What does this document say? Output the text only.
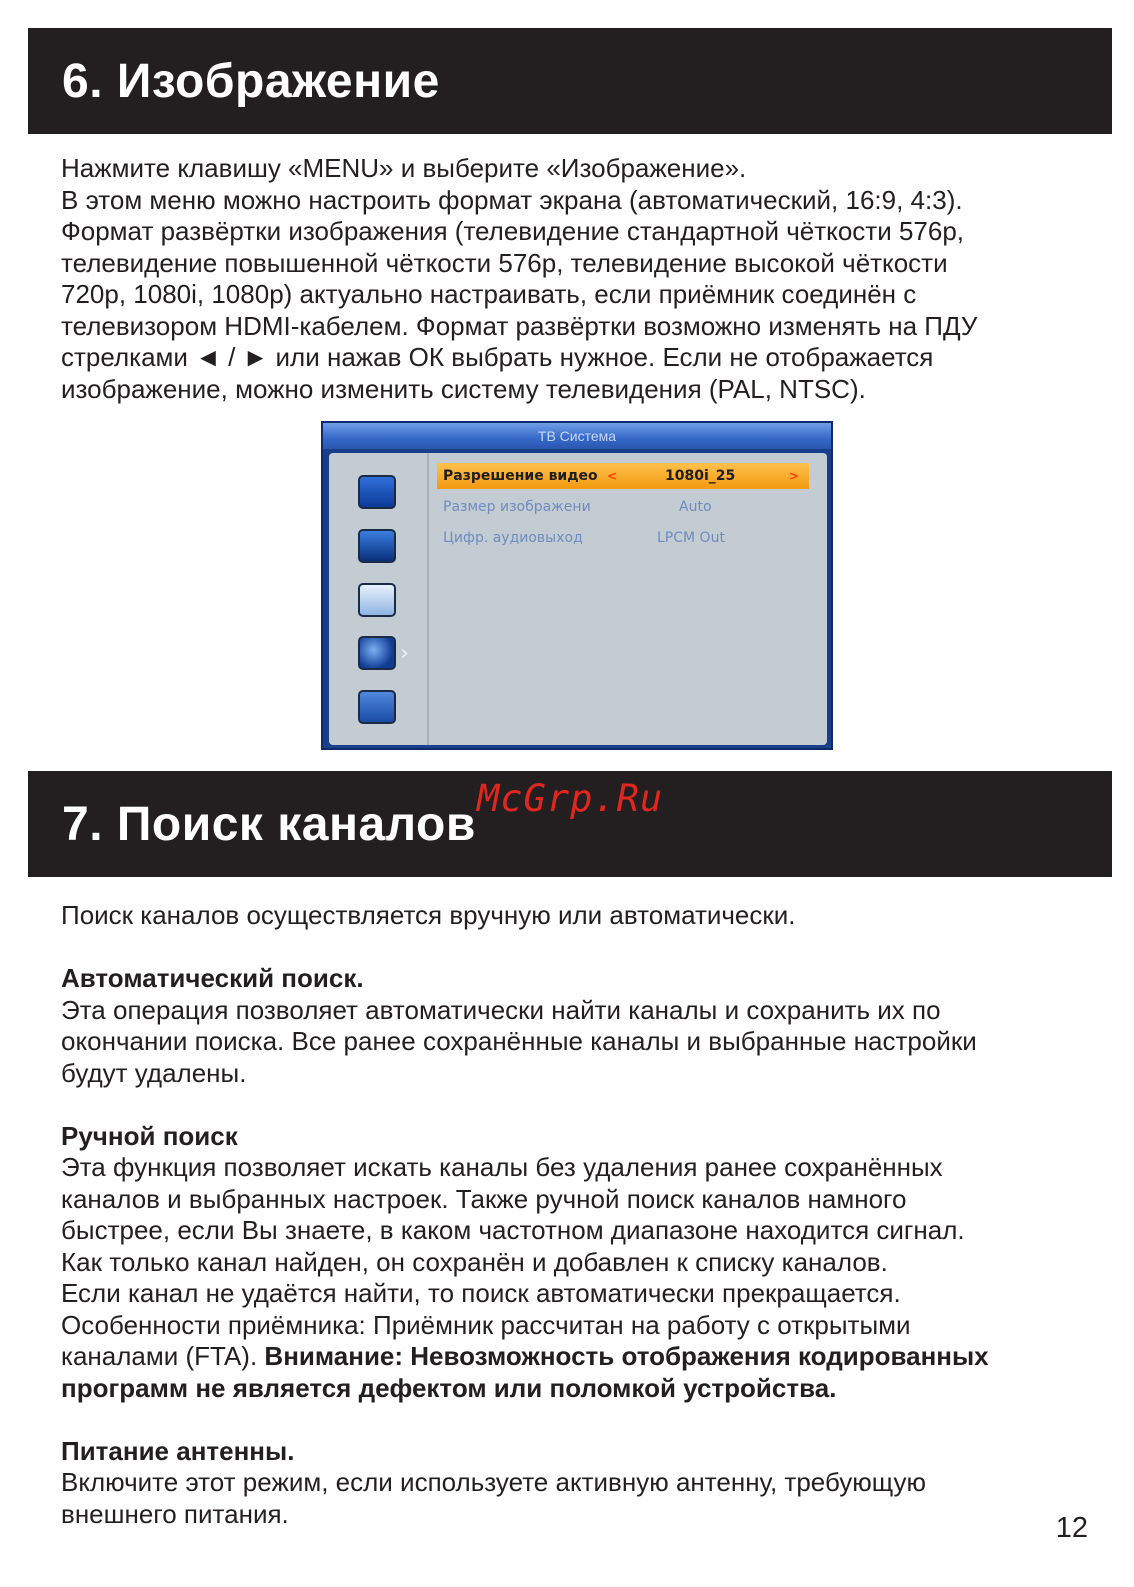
6. Изображение

Нажмите клавишу «MENU» и выберите «Изображение».

В этом меню можно настроить формат экрана (автоматический, 16:9, 4:3).

Формат развёртки изображения (телевидение стандартной чёткости 576p,

телевидение повышенной чёткости 576p, телевидение высокой чёткости

720p, 1080i, 1080p) актуально настраивать, если приёмник соединён с

телевизором HDMI-кабелем. Формат развёртки возможно изменять на ПДУ

стрелками ◄ / ► или нажав ОК выбрать нужное. Если не отображается

изображение, можно изменить систему телевидения (PAL, NTSC).

ТВ Система
›
Разрешение видео <	1080i_25	>
Размер изображени	Auto
Цифр. аудиовыход	LPCM Out
7. Поиск каналов McGrp.Ru

Поиск каналов осуществляется вручную или автоматически.

Автоматический поиск.

Эта операция позволяет автоматически найти каналы и сохранить их по

окончании поиска. Все ранее сохранённые каналы и выбранные настройки

будут удалены.

Ручной поиск

Эта функция позволяет искать каналы без удаления ранее сохранённых

каналов и выбранных настроек. Также ручной поиск каналов намного

быстрее, если Вы знаете, в каком частотном диапазоне находится сигнал.

Как только канал найден, он сохранён и добавлен к списку каналов.

Если канал не удаётся найти, то поиск автоматически прекращается.

Особенности приёмника: Приёмник рассчитан на работу с открытыми

каналами (FTA). Внимание: Невозможность отображения кодированных

программ не является дефектом или поломкой устройства.

Питание антенны.

Включите этот режим, если используете активную антенну, требующую

внешнего питания.	12
